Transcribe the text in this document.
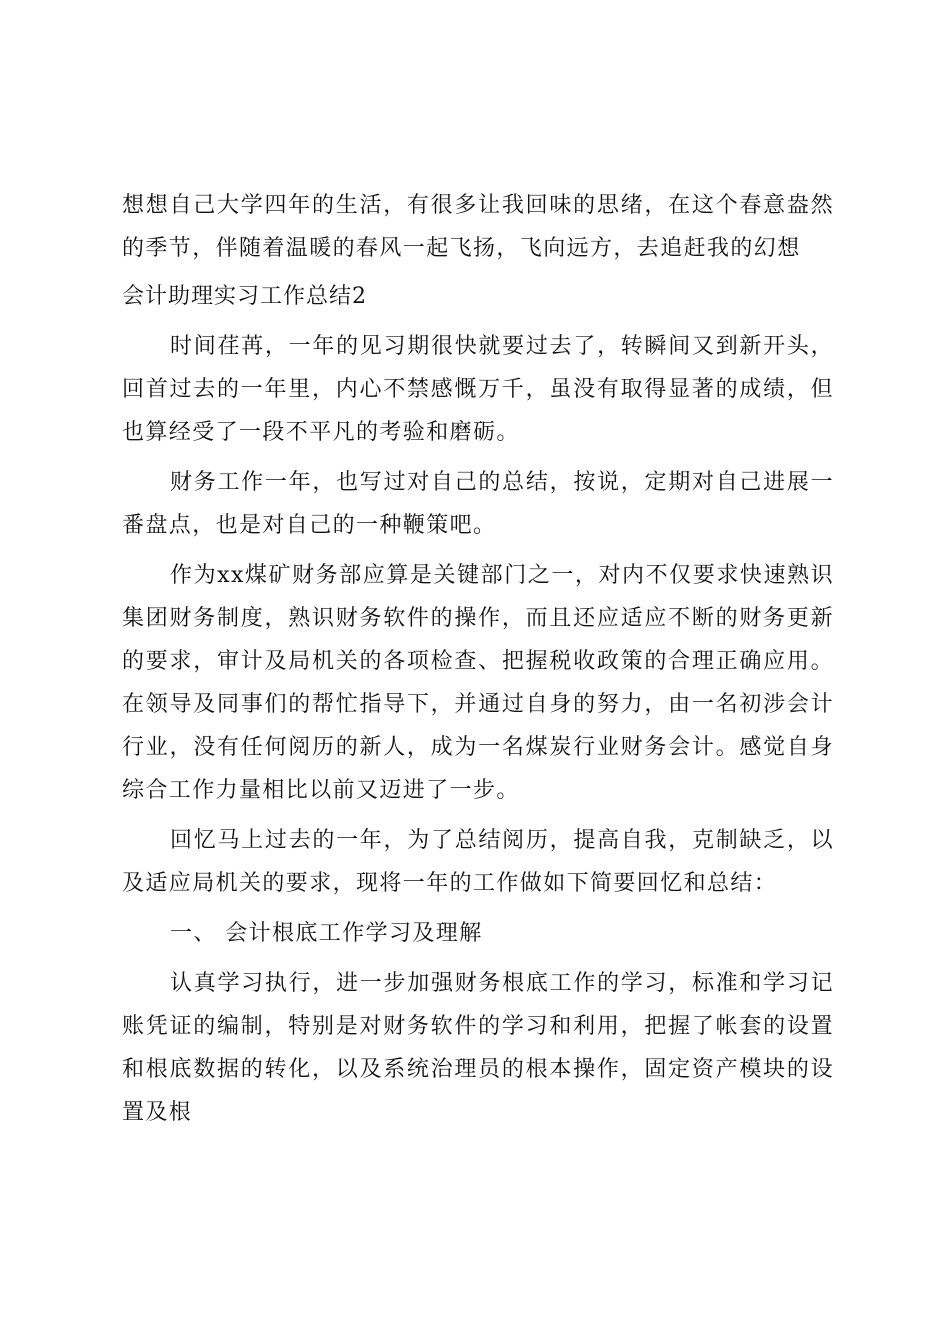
想想自己大学四年的生活，有很多让我回味的思绪，在这个春意盎然的季节，伴随着温暖的春风一起飞扬，飞向远方，去追赶我的幻想

会计助理实习工作总结2

时间荏苒，一年的见习期很快就要过去了，转瞬间又到新开头，回首过去的一年里，内心不禁感慨万千，虽没有取得显著的成绩，但也算经受了一段不平凡的考验和磨砺。

财务工作一年，也写过对自己的总结，按说，定期对自己进展一番盘点，也是对自己的一种鞭策吧。

作为xx煤矿财务部应算是关键部门之一，对内不仅要求快速熟识集团财务制度，熟识财务软件的操作，而且还应适应不断的财务更新的要求，审计及局机关的各项检查、把握税收政策的合理正确应用。在领导及同事们的帮忙指导下，并通过自身的努力，由一名初涉会计行业，没有任何阅历的新人，成为一名煤炭行业财务会计。感觉自身综合工作力量相比以前又迈进了一步。

回忆马上过去的一年，为了总结阅历，提高自我，克制缺乏，以及适应局机关的要求，现将一年的工作做如下简要回忆和总结：

一、 会计根底工作学习及理解

认真学习执行，进一步加强财务根底工作的学习，标准和学习记账凭证的编制，特别是对财务软件的学习和利用，把握了帐套的设置和根底数据的转化，以及系统治理员的根本操作，固定资产模块的设置及根
